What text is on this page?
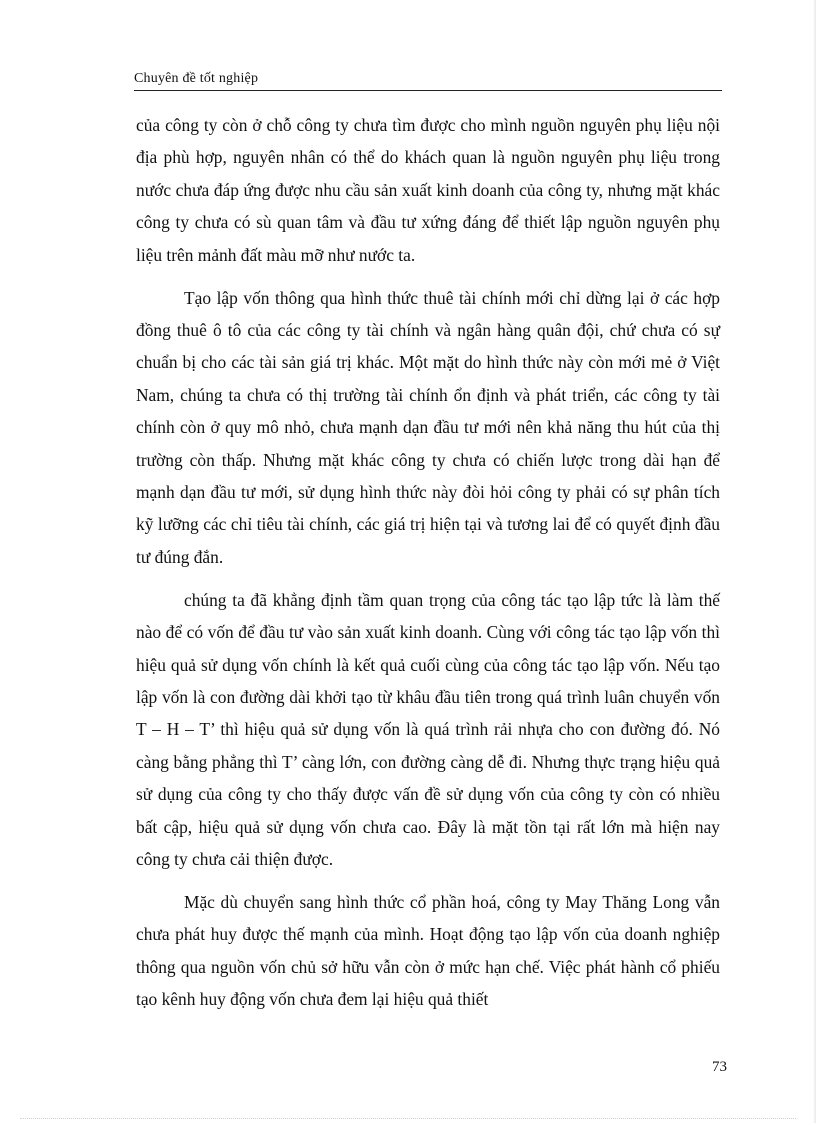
Chuyên đề tốt nghiệp

của công ty còn ở chỗ công ty chưa tìm được cho mình nguồn nguyên phụ liệu nội địa phù hợp, nguyên nhân có thể do khách quan là nguồn nguyên phụ liệu trong nước chưa đáp ứng được nhu cầu sản xuất kinh doanh của công ty, nhưng mặt khác công ty chưa có sù quan tâm và đầu tư xứng đáng để thiết lập nguồn nguyên phụ liệu trên mảnh đất màu mỡ như nước ta.

Tạo lập vốn thông qua hình thức thuê tài chính mới chỉ dừng lại ở các hợp đồng thuê ô tô của các công ty tài chính và ngân hàng quân đội, chứ chưa có sự chuẩn bị cho các tài sản giá trị khác. Một mặt do hình thức này còn mới mẻ ở Việt Nam, chúng ta chưa có thị trường tài chính ổn định và phát triển, các công ty tài chính còn ở quy mô nhỏ, chưa mạnh dạn đầu tư mới nên khả năng thu hút của thị trường còn thấp. Nhưng mặt khác công ty chưa có chiến lược trong dài hạn để mạnh dạn đầu tư mới, sử dụng hình thức này đòi hỏi công ty phải có sự phân tích kỹ lưỡng các chỉ tiêu tài chính, các giá trị hiện tại và tương lai để có quyết định đầu tư đúng đắn.

chúng ta đã khẳng định tầm quan trọng của công tác tạo lập tức là làm thế nào để có vốn để đầu tư vào sản xuất kinh doanh. Cùng với công tác tạo lập vốn thì hiệu quả sử dụng vốn chính là kết quả cuối cùng của công tác tạo lập vốn. Nếu tạo lập vốn là con đường dài khởi tạo từ khâu đầu tiên trong quá trình luân chuyển vốn T – H – T’ thì hiệu quả sử dụng vốn là quá trình rải nhựa cho con đường đó. Nó càng bằng phẳng thì T’ càng lớn, con đường càng dễ đi. Nhưng thực trạng hiệu quả sử dụng của công ty cho thấy được vấn đề sử dụng vốn của công ty còn có nhiều bất cập, hiệu quả sử dụng vốn chưa cao. Đây là mặt tồn tại rất lớn mà hiện nay công ty chưa cải thiện được.

Mặc dù chuyển sang hình thức cổ phần hoá, công ty May Thăng Long vẫn chưa phát huy được thế mạnh của mình. Hoạt động tạo lập vốn của doanh nghiệp thông qua nguồn vốn chủ sở hữu vẫn còn ở mức hạn chế. Việc phát hành cổ phiếu tạo kênh huy động vốn chưa đem lại hiệu quả thiết

73
